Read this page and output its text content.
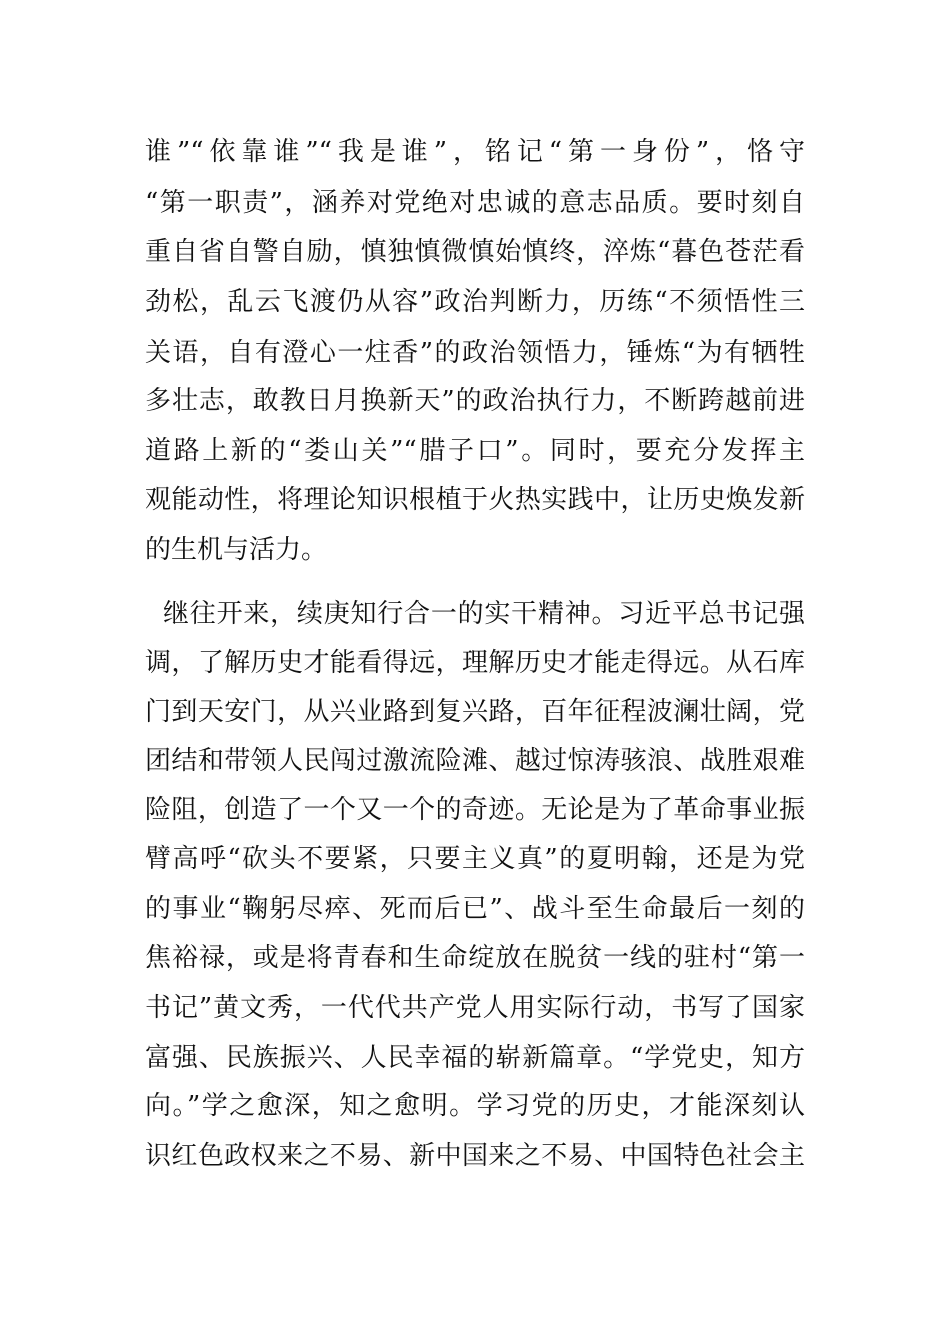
谁”“依靠谁”“我是谁”，铭记“第一身份”，恪守
“第一职责”，涵养对党绝对忠诚的意志品质。要时刻自
重自省自警自励，慎独慎微慎始慎终，淬炼“暮色苍茫看
劲松，乱云飞渡仍从容”政治判断力，历练“不须悟性三
关语，自有澄心一炷香”的政治领悟力，锤炼“为有牺牲
多壮志，敢教日月换新天”的政治执行力，不断跨越前进
道路上新的“娄山关”“腊子口”。同时，要充分发挥主
观能动性，将理论知识根植于火热实践中，让历史焕发新
的生机与活力。
继往开来，续庚知行合一的实干精神。习近平总书记强
调，了解历史才能看得远，理解历史才能走得远。从石库
门到天安门，从兴业路到复兴路，百年征程波澜壮阔，党
团结和带领人民闯过激流险滩、越过惊涛骇浪、战胜艰难
险阻，创造了一个又一个的奇迹。无论是为了革命事业振
臂高呼“砍头不要紧，只要主义真”的夏明翰，还是为党
的事业“鞠躬尽瘁、死而后已”、战斗至生命最后一刻的
焦裕禄，或是将青春和生命绽放在脱贫一线的驻村“第一
书记”黄文秀，一代代共产党人用实际行动，书写了国家
富强、民族振兴、人民幸福的崭新篇章。“学党史，知方
向。”学之愈深，知之愈明。学习党的历史，才能深刻认
识红色政权来之不易、新中国来之不易、中国特色社会主
